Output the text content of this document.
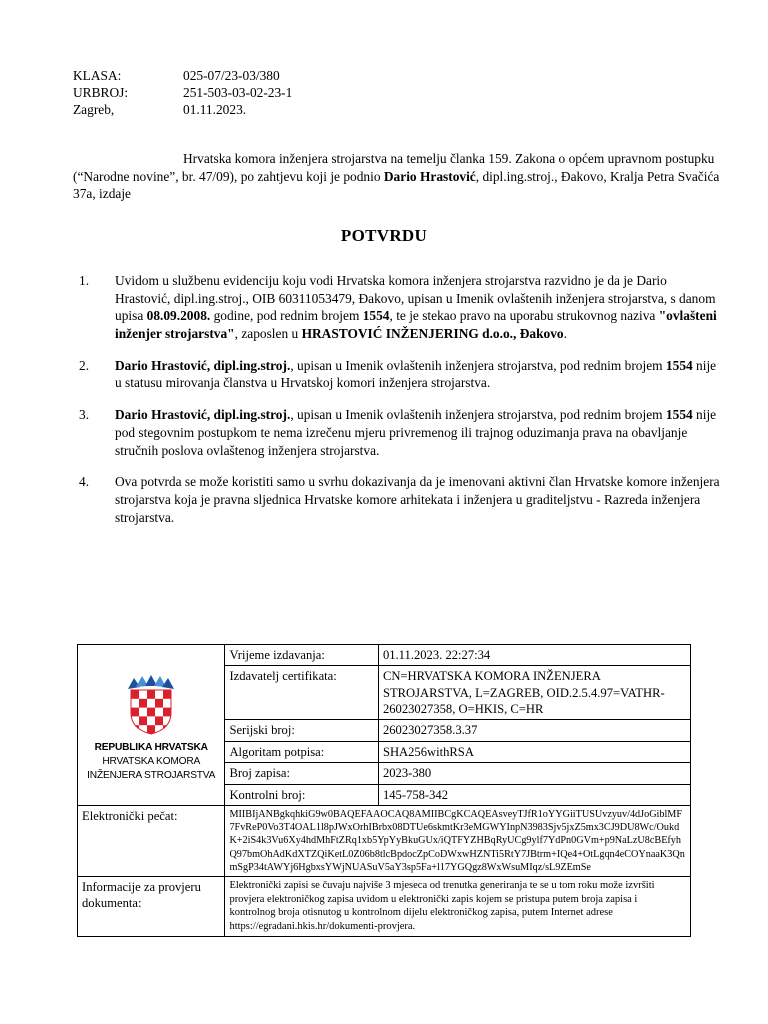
KLASA:	025-07/23-03/380
URBROJ:	251-503-03-02-23-1
Zagreb,	01.11.2023.
Hrvatska komora inženjera strojarstva na temelju članka 159. Zakona o općem upravnom postupku (“Narodne novine”, br. 47/09), po zahtjevu koji je podnio Dario Hrastović, dipl.ing.stroj., Đakovo, Kralja Petra Svačića 37a, izdaje
POTVRDU
1.	Uvidom u službenu evidenciju koju vodi Hrvatska komora inženjera strojarstva razvidno je da je Dario Hrastović, dipl.ing.stroj., OIB 60311053479, Đakovo, upisan u Imenik ovlaštenih inženjera strojarstva, s danom upisa 08.09.2008. godine, pod rednim brojem 1554, te je stekao pravo na uporabu strukovnog naziva "ovlašteni inženjer strojarstva", zaposlen u HRASTOVIĆ INŽENJERING d.o.o., Đakovo.
2.	Dario Hrastović, dipl.ing.stroj., upisan u Imenik ovlaštenih inženjera strojarstva, pod rednim brojem 1554 nije u statusu mirovanja članstva u Hrvatskoj komori inženjera strojarstva.
3.	Dario Hrastović, dipl.ing.stroj., upisan u Imenik ovlaštenih inženjera strojarstva, pod rednim brojem 1554 nije pod stegovnim postupkom te nema izrečenu mjeru privremenog ili trajnog oduzimanja prava na obavljanje stručnih poslova ovlaštenog inženjera strojarstva.
4.	Ova potvrda se može koristiti samo u svrhu dokazivanja da je imenovani aktivni član Hrvatske komore inženjera strojarstva koja je pravna sljednica Hrvatske komore arhitekata i inženjera u graditeljstvu - Razreda inženjera strojarstva.
REPUBLIKA HRVATSKA
HRVATSKA KOMORA
INŽENJERA STROJARSTVA	Vrijeme izdavanja:	01.11.2023. 22:27:34
	Izdavatelj certifikata:	CN=HRVATSKA KOMORA INŽENJERA STROJARSTVA, L=ZAGREB, OID.2.5.4.97=VATHR-26023027358, O=HKIS, C=HR
	Serijski broj:	26023027358.3.37
	Algoritam potpisa:	SHA256withRSA
	Broj zapisa:	2023-380
	Kontrolni broj:	145-758-342
Elektronički pečat:	MIIBIjANBgkqhkiG9w0BAQEFAAOCAQ8AMIIBCgKCAQEAsveyTJfR1oYYGiiTUSUvzyuv/4dJoGiblMF7FvReP0Vo3T4OAL1l8pJWxOrhIBrbx08DTUe6skmtKr3eMGWYInpN3983Sjv5jxZ5mx3CJ9DU8Wc/OukdK+2iS4k3Vu6Xy4hdMhFtZRq1xb5YpYyBkuGUx/iQTFYZHBqRyUCg9ylf7YdPn0GVm+p9NaLzU8cBEfyhQ97bmOhAdKdXTZQiKetL0Z06b8tlcBpdocZpCoDWxwHZNTi5RtY7JBtrm+IQe4+OtLgqn4eCOYnaaK3QnmSgP34tAWYj6HgbxsYWjNUASuV5aY3sp5Fa+l17YGQgz8WxWsuMIqz/sL9ZEmSe	
Informacije za provjeru dokumenta:	Elektronički zapisi se čuvaju najviše 3 mjeseca od trenutka generiranja te se u tom roku može izvršiti provjera elektroničkog zapisa uvidom u elektronički zapis kojem se pristupa putem broja zapisa i kontrolnog broja otisnutog u kontrolnom dijelu elektroničkog zapisa, putem Internet adrese https://egradani.hkis.hr/dokumenti-provjera.	
